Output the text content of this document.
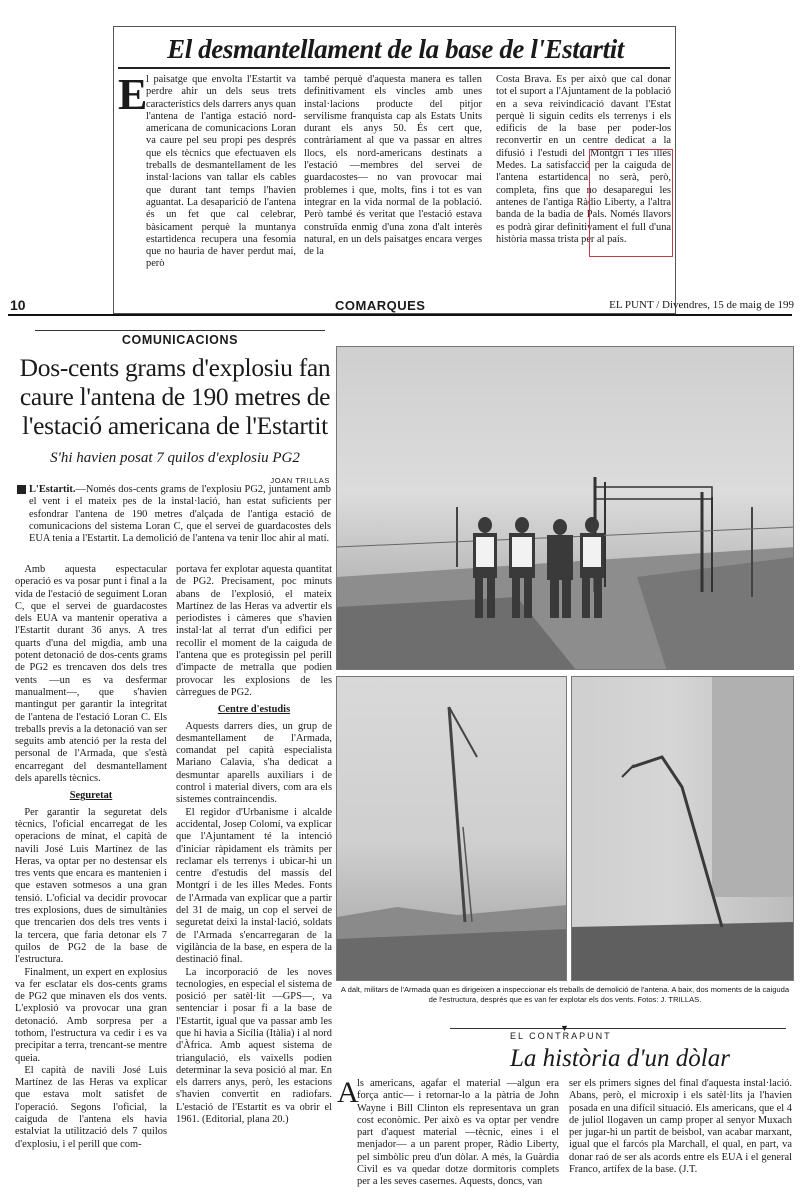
El desmantellament de la base de l'Estartit
E

l paisatge que envolta l'Estartit va perdre ahir un dels seus trets característics dels darrers anys quan l'antena de l'antiga estació nord-americana de comunicacions Loran va caure pel seu propi pes després que els tècnics que efectuaven els treballs de desmantellament de les instal·lacions van tallar els cables que durant tant temps l'havien aguantat. La desaparició de l'antena és un fet que cal celebrar, bàsicament perquè la muntanya estartidenca recupera una fesomia que no hauria de haver perdut mai, però

també perquè d'aquesta manera es tallen definitivament els vincles amb unes instal·lacions producte del pitjor servilisme franquista cap als Estats Units durant els anys 50. És cert que, contràriament al que va passar en altres llocs, els nord-americans destinats a l'estació —membres del servei de guardacostes— no van provocar mai problemes i que, molts, fins i tot es van integrar en la vida normal de la població. Però també és veritat que l'estació estava construïda enmig d'una zona d'alt interès natural, en un dels paisatges encara verges de la

Costa Brava. És per això que cal donar tot el suport a l'Ajuntament de la població en a seva reivindicació davant l'Estat perquè li siguin cedits els terrenys i els edificis de la base per poder-los reconvertir en un centre dedicat a la difusió i l'estudi del Montgrí i les illes Medes. La satisfacció per la caiguda de l'antena estartidenca no serà, però, completa, fins que no desaparegui les antenes de l'antiga Ràdio Liberty, a l'altra banda de la badia de Pals. Només llavors es podrà girar definitivament el full d'una història massa trista per al país.

10	COMARQUES	EL PUNT / Divendres, 15 de maig de 199
COMUNICACIONS
Dos-cents grams d'explosiu fan caure l'antena de 190 metres de l'estació americana de l'Estartit
S'hi havien posat 7 quilos d'explosiu PG2
JOAN TRILLAS

L'Estartit.—Només dos-cents grams de l'explosiu PG2, juntament amb el vent i el mateix pes de la instal·lació, han estat suficients per esfondrar l'antena de 190 metres d'alçada de l'antiga estació de comunicacions del sistema Loran C, que el servei de guardacostes dels EUA tenia a l'Estartit. La demolició de l'antena va tenir lloc ahir al matí.

Amb aquesta espectacular operació es va posar punt i final a la vida de l'estació de seguiment Loran C, que el servei de guardacostes dels EUA va mantenir operativa a l'Estartit durant 36 anys. A tres quarts d'una del migdia, amb una potent detonació de dos-cents grams de PG2 es trencaven dos dels tres vents —un es va desfermar manualment—, que s'havien mantingut per garantir la integritat de l'antena de l'estació Loran C. Els treballs previs a la detonació van ser seguits amb atenció per la resta del personal de l'Armada, que s'està encarregant del desmantellament dels aparells tècnics.

Seguretat

Per garantir la seguretat dels tècnics, l'oficial encarregat de les operacions de minat, el capità de navili José Luis Martínez de las Heras, va optar per no destensar els tres vents que encara es mantenien i que estaven sotmesos a una gran tensió. L'oficial va decidir provocar tres explosions, dues de simultànies que trencarien dos dels tres vents i la tercera, que faria detonar els 7 quilos de PG2 de la base de l'estructura.

Finalment, un expert en explosius va fer esclatar els dos-cents grams de PG2 que minaven els dos vents. L'explosió va provocar una gran detonació. Amb sorpresa per a tothom, l'estructura va cedir i es va precipitar a terra, trencant-se mentre queia.

El capità de navili José Luis Martínez de las Heras va explicar que estava molt satisfet de l'operació. Segons l'oficial, la caiguda de l'antena els havia estalviat la utilització dels 7 quilos d'explosiu, i el perill que com-

portava fer explotar aquesta quantitat de PG2. Precisament, poc minuts abans de l'explosió, el mateix Martínez de las Heras va advertir els periodistes i càmeres que s'havien instal·lat al terrat d'un edifici per recollir el moment de la caiguda de l'antena que es protegissin pel perill d'impacte de metralla que podien provocar les explosions de les càrregues de PG2.

Centre d'estudis

Aquests darrers dies, un grup de desmantellament de l'Armada, comandat pel capità especialista Mariano Calavia, s'ha dedicat a desmuntar aparells auxiliars i de control i material divers, com ara els sistemes contraincendis.

El regidor d'Urbanisme i alcalde accidental, Josep Colomí, va explicar que l'Ajuntament té la intenció d'iniciar ràpidament els tràmits per reclamar els terrenys i ubicar-hi un centre d'estudis del massís del Montgrí i de les illes Medes. Fonts de l'Armada van explicar que a partir del 31 de maig, un cop el servei de seguretat deixi la instal·lació, soldats de l'Armada s'encarregaran de la vigilància de la base, en espera de la destinació final.

La incorporació de les noves tecnologies, en especial el sistema de posició per satèl·lit —GPS—, va sentenciar i posar fi a la base de l'Estartit, igual que va passar amb les que hi havia a Sicília (Itàlia) i al nord d'Àfrica. Amb aquest sistema de triangulació, els vaixells podien determinar la seva posició al mar. En els darrers anys, però, les estacions s'havien convertit en radiofars. L'estació de l'Estartit es va obrir el 1961. (Editorial, plana 20.)

A dalt, militars de l'Armada quan es dirigeixen a inspeccionar els treballs de demolició de l'antena. A baix, dos moments de la caiguda de l'estructura, després que es van fer explotar els dos vents. Fotos: J. TRILLAS.
▼
EL CONTRAPUNT
La història d'un dòlar
A

ls americans, agafar el material —algun era força antic— i retornar-lo a la pàtria de John Wayne i Bill Clinton els representava un gran cost econòmic. Per això es va optar per vendre part d'aquest material —tècnic, eines i el menjador— a un parent proper, Ràdio Liberty, pel simbòlic preu d'un dòlar. A més, la Guàrdia Civil es va quedar dotze dormitoris complets per a les seves casernes. Aquests, doncs, van

ser els primers signes del final d'aquesta instal·lació. Abans, però, el microxip i els satèl·lits ja l'havien posada en una difícil situació. Els americans, que el 4 de juliol llogaven un camp proper al senyor Muxach per jugar-hi un partit de beisbol, van acabar marxant, igual que el farcós pla Marchall, el qual, en part, va donar raó de ser als acords entre els EUA i el general Franco, artífex de la base. (J.T.
